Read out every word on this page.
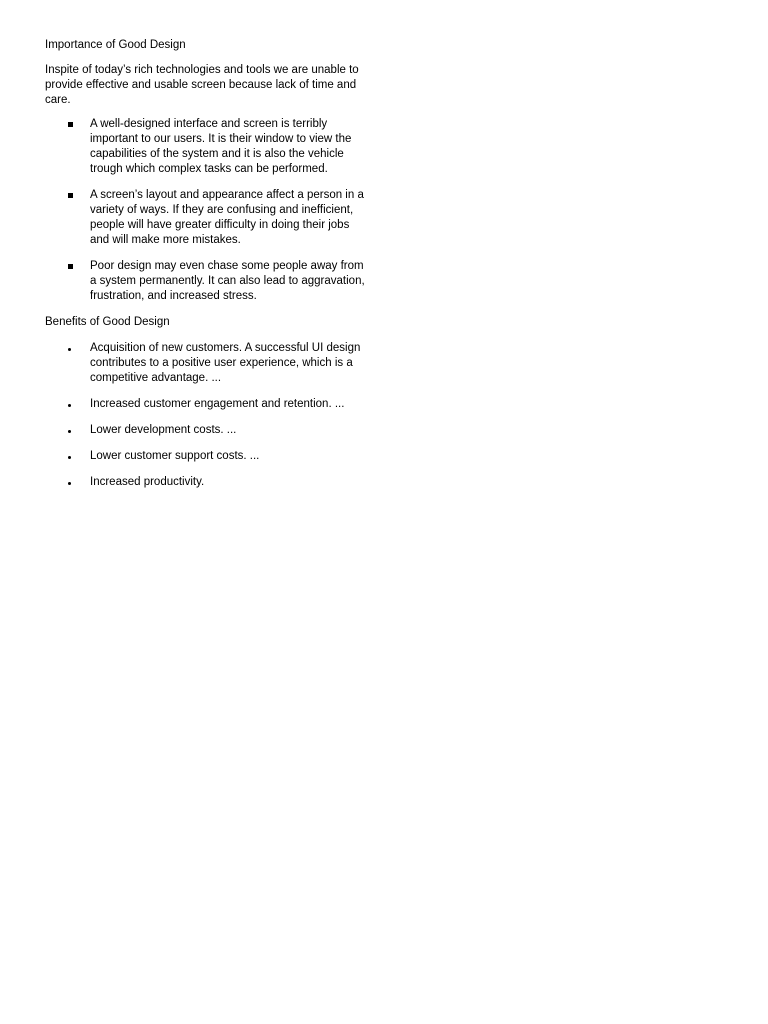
Importance of Good Design

Inspite of today’s rich technologies and tools we are unable to provide effective and usable screen because lack of time and care.

A well-designed interface and screen is terribly important to our users. It is their window to view the capabilities of the system and it is also the vehicle trough which complex tasks can be performed.
A screen’s layout and appearance affect a person in a variety of ways. If they are confusing and inefficient, people will have greater difficulty in doing their jobs and will make more mistakes.
Poor design may even chase some people away from a system permanently. It can also lead to aggravation, frustration, and increased stress.

Benefits of Good Design

Acquisition of new customers. A successful UI design contributes to a positive user experience, which is a competitive advantage. ...
Increased customer engagement and retention. ...
Lower development costs. ...
Lower customer support costs. ...
Increased productivity.
